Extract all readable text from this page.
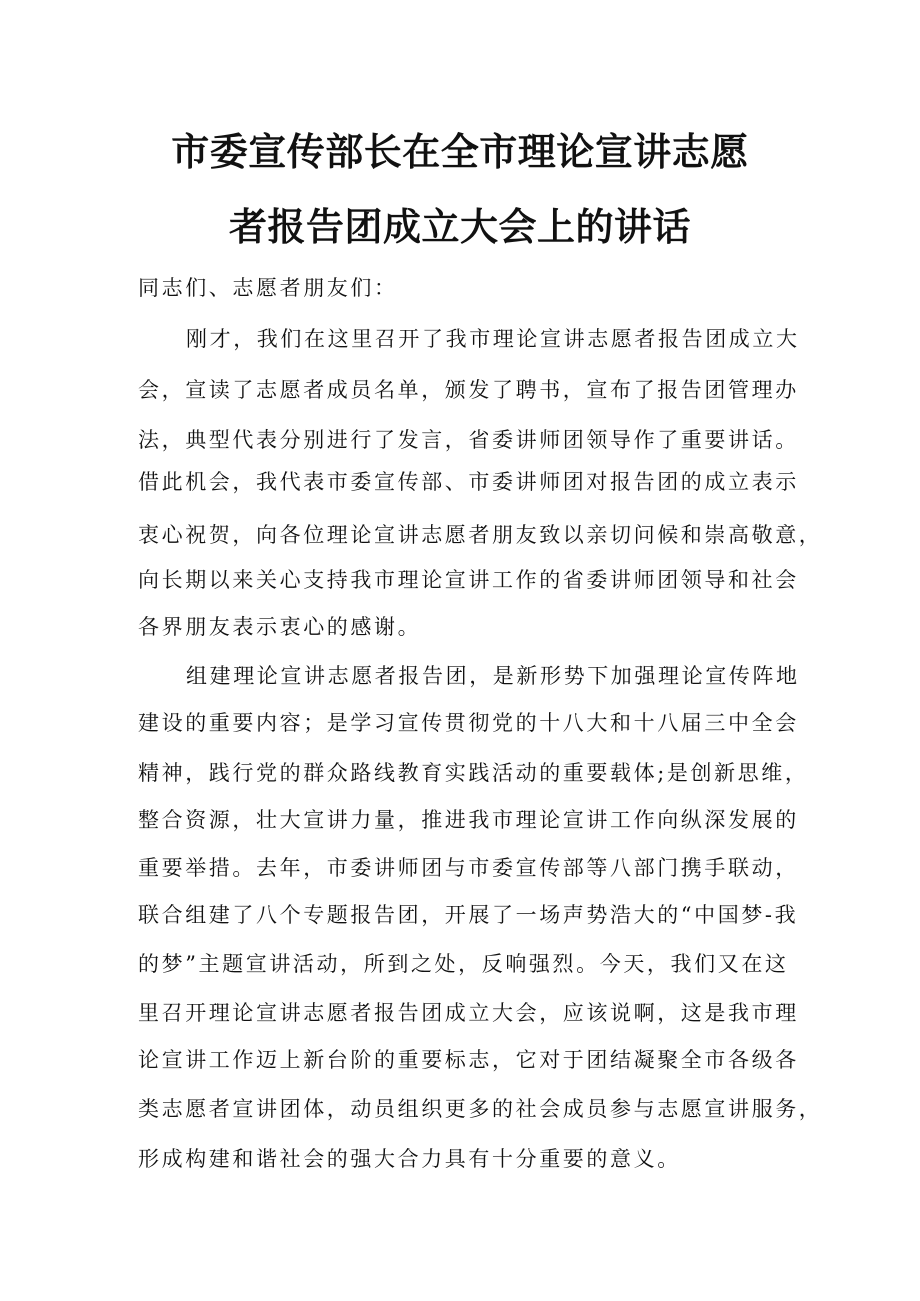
市委宣传部长在全市理论宣讲志愿
者报告团成立大会上的讲话
同志们、志愿者朋友们：
刚才，我们在这里召开了我市理论宣讲志愿者报告团成立大
会，宣读了志愿者成员名单，颁发了聘书，宣布了报告团管理办
法，典型代表分别进行了发言，省委讲师团领导作了重要讲话。
借此机会，我代表市委宣传部、市委讲师团对报告团的成立表示
衷心祝贺，向各位理论宣讲志愿者朋友致以亲切问候和崇高敬意，
向长期以来关心支持我市理论宣讲工作的省委讲师团领导和社会
各界朋友表示衷心的感谢。
组建理论宣讲志愿者报告团，是新形势下加强理论宣传阵地
建设的重要内容；是学习宣传贯彻党的十八大和十八届三中全会
精神，践行党的群众路线教育实践活动的重要载体;是创新思维，
整合资源，壮大宣讲力量，推进我市理论宣讲工作向纵深发展的
重要举措。去年，市委讲师团与市委宣传部等八部门携手联动，
联合组建了八个专题报告团，开展了一场声势浩大的“中国梦-我
的梦”主题宣讲活动，所到之处，反响强烈。今天，我们又在这
里召开理论宣讲志愿者报告团成立大会，应该说啊，这是我市理
论宣讲工作迈上新台阶的重要标志，它对于团结凝聚全市各级各
类志愿者宣讲团体，动员组织更多的社会成员参与志愿宣讲服务，
形成构建和谐社会的强大合力具有十分重要的意义。
